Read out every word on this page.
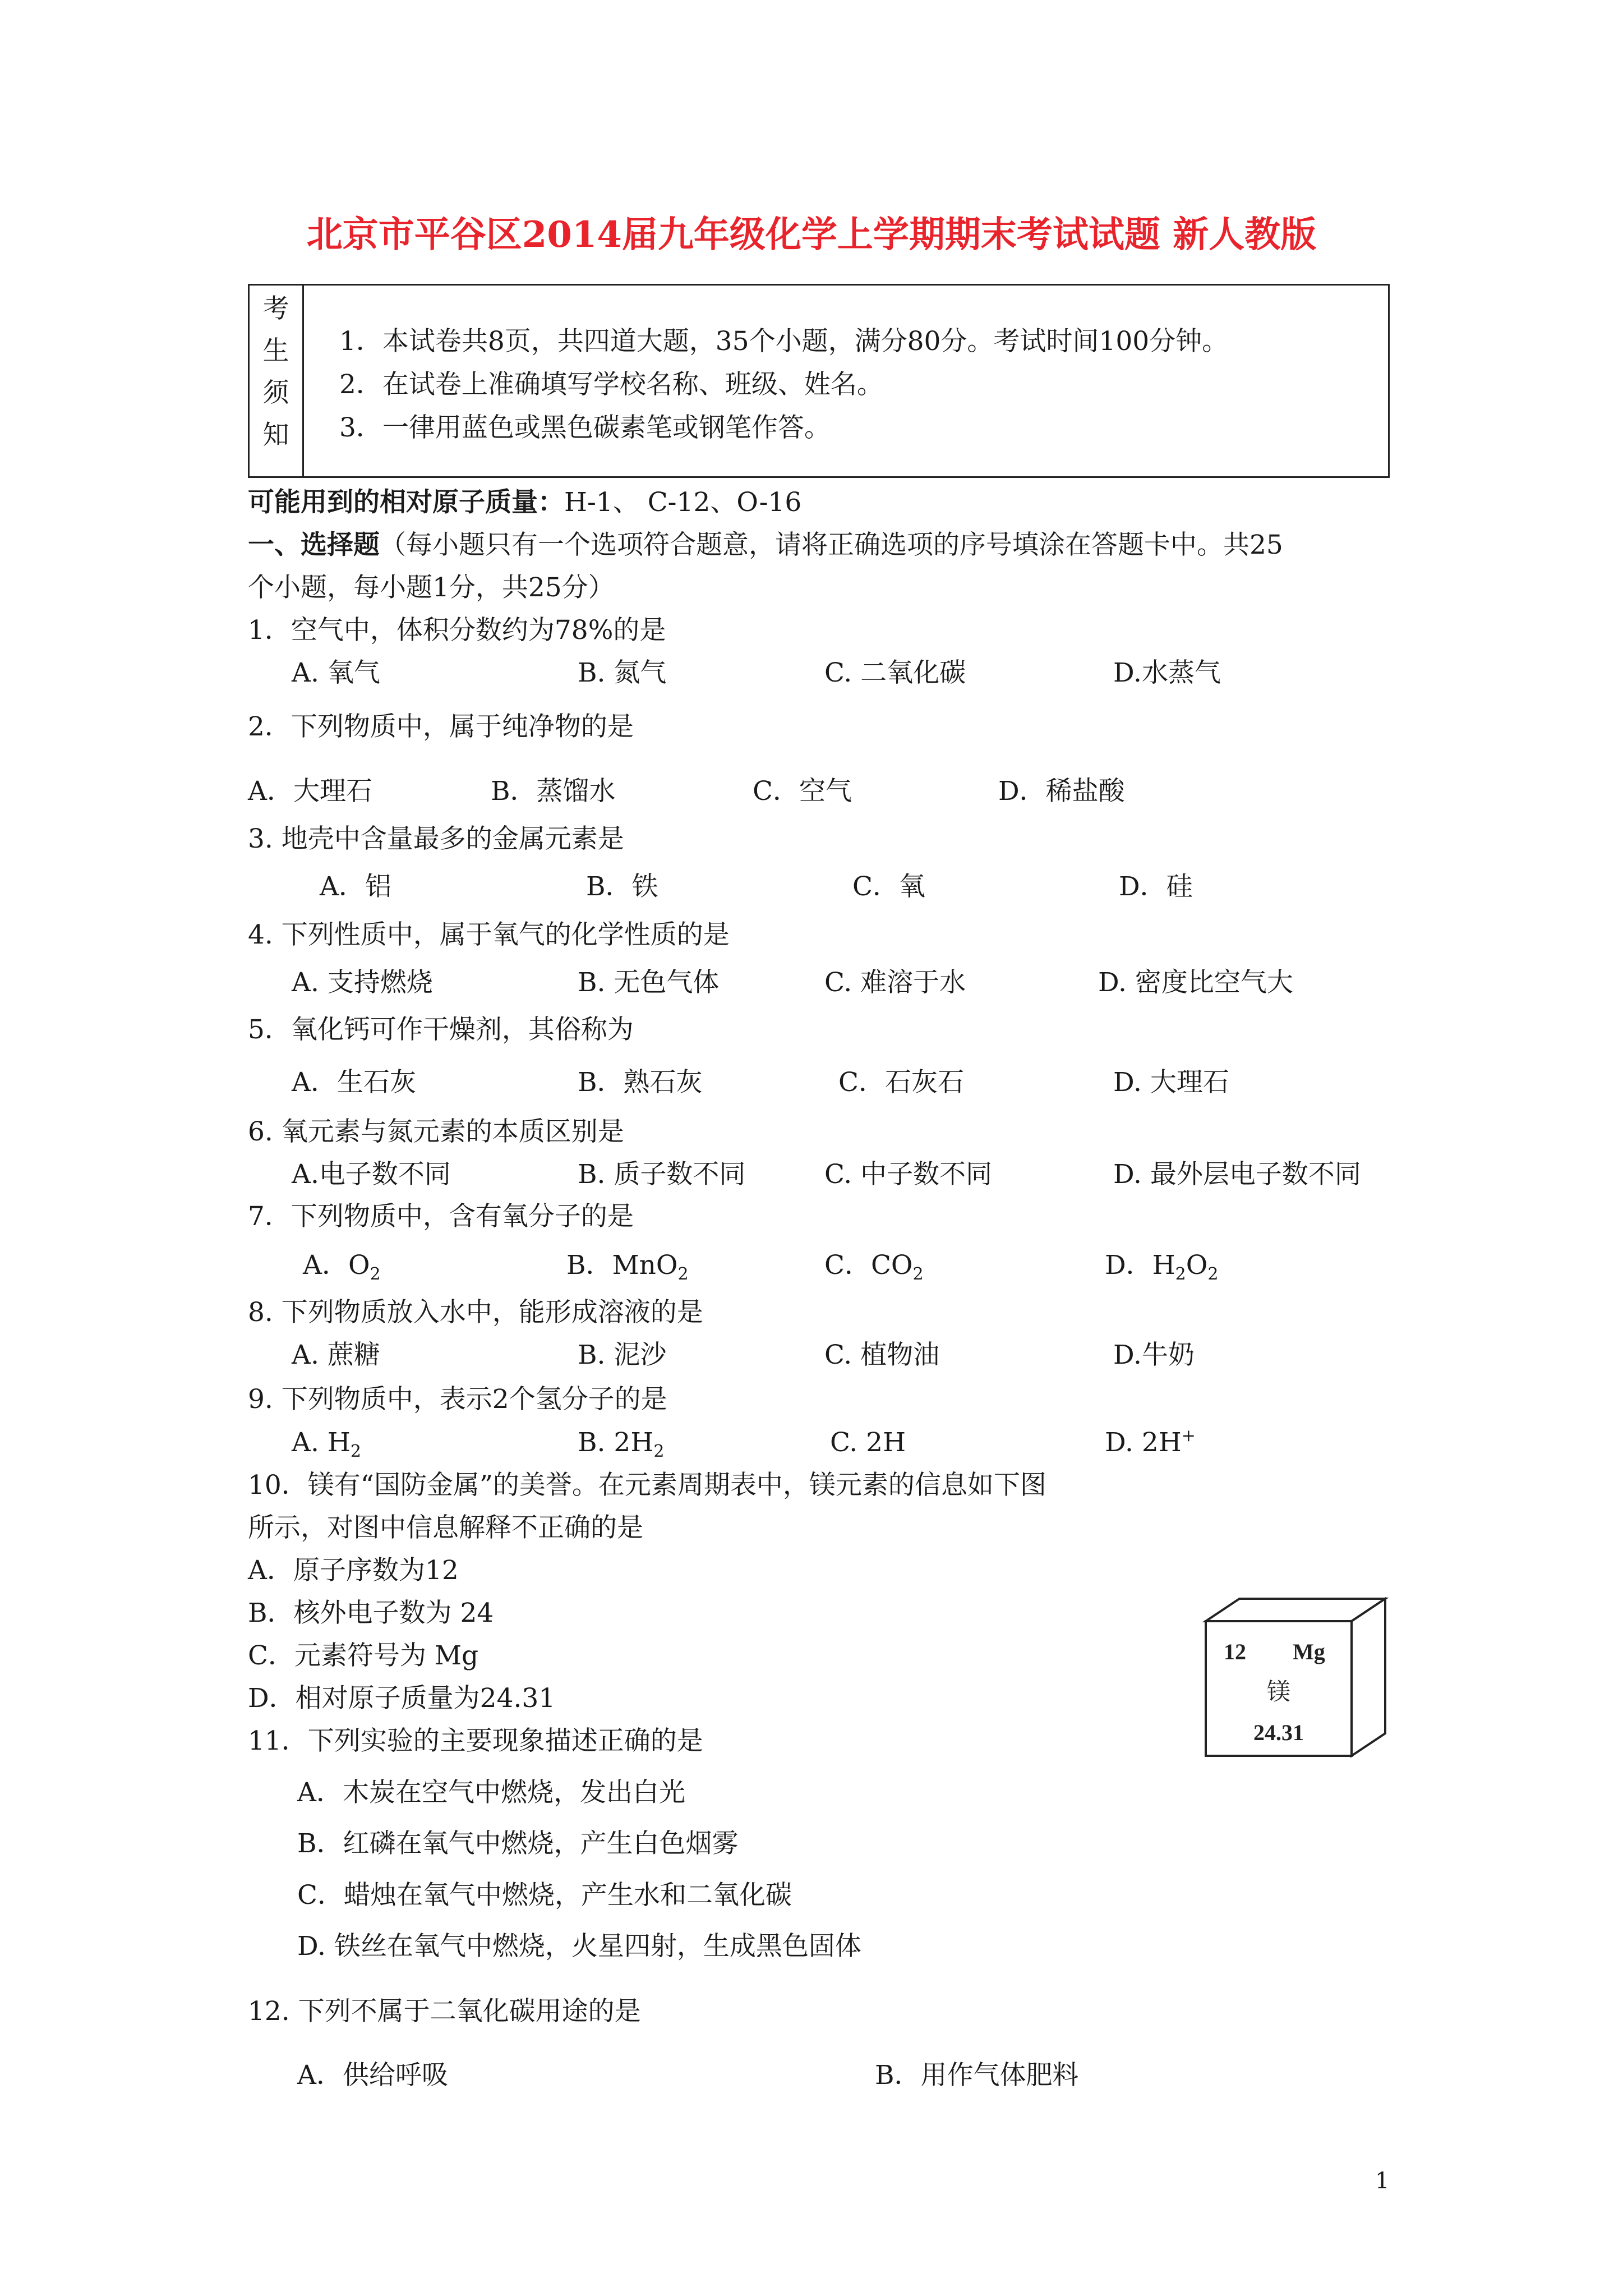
北京市平谷区2014届九年级化学上学期期末考试试题 新人教版
考
生
须
知
1．本试卷共8页，共四道大题，35个小题，满分80分。考试时间100分钟。
2．在试卷上准确填写学校名称、班级、姓名。
3．一律用蓝色或黑色碳素笔或钢笔作答。
可能用到的相对原子质量：H-1、 C-12、O-16
一、选择题（每小题只有一个选项符合题意，请将正确选项的序号填涂在答题卡中。共25
个小题，每小题1分，共25分）
1．空气中，体积分数约为78%的是
A. 氧气	B. 氮气	C. 二氧化碳	D.水蒸气
2．下列物质中，属于纯净物的是
A．大理石	B．蒸馏水	C．空气	D．稀盐酸
3. 地壳中含量最多的金属元素是
A．铝	B．铁	C．氧	D．硅
4. 下列性质中，属于氧气的化学性质的是
A. 支持燃烧	B. 无色气体	C. 难溶于水	D. 密度比空气大
5．氧化钙可作干燥剂，其俗称为
A．生石灰	B．熟石灰	C．石灰石	D. 大理石
6. 氧元素与氮元素的本质区别是
A.电子数不同	B. 质子数不同	C. 中子数不同	D. 最外层电子数不同
7．下列物质中，含有氧分子的是
A．$O_2$	B．MnO$_2$	C．$CO_2$	D．$H_2O_2$
8. 下列物质放入水中，能形成溶液的是
A. 蔗糖	B. 泥沙	C. 植物油	D.牛奶
9. 下列物质中，表示2个氢分子的是
A. $H_2$	B. $2H_2$	C. 2H	D. 2H+
10．镁有“国防金属”的美誉。在元素周期表中，镁元素的信息如下图
所示，对图中信息解释不正确的是
A．原子序数为12
B．核外电子数为 24
C．元素符号为 Mg
D．相对原子质量为24.31
12 Mg
镁
24.31
11．下列实验的主要现象描述正确的是
A．木炭在空气中燃烧，发出白光
B．红磷在氧气中燃烧，产生白色烟雾
C．蜡烛在氧气中燃烧，产生水和二氧化碳
D. 铁丝在氧气中燃烧，火星四射，生成黑色固体
12. 下列不属于二氧化碳用途的是
A．供给呼吸	B．用作气体肥料
1
